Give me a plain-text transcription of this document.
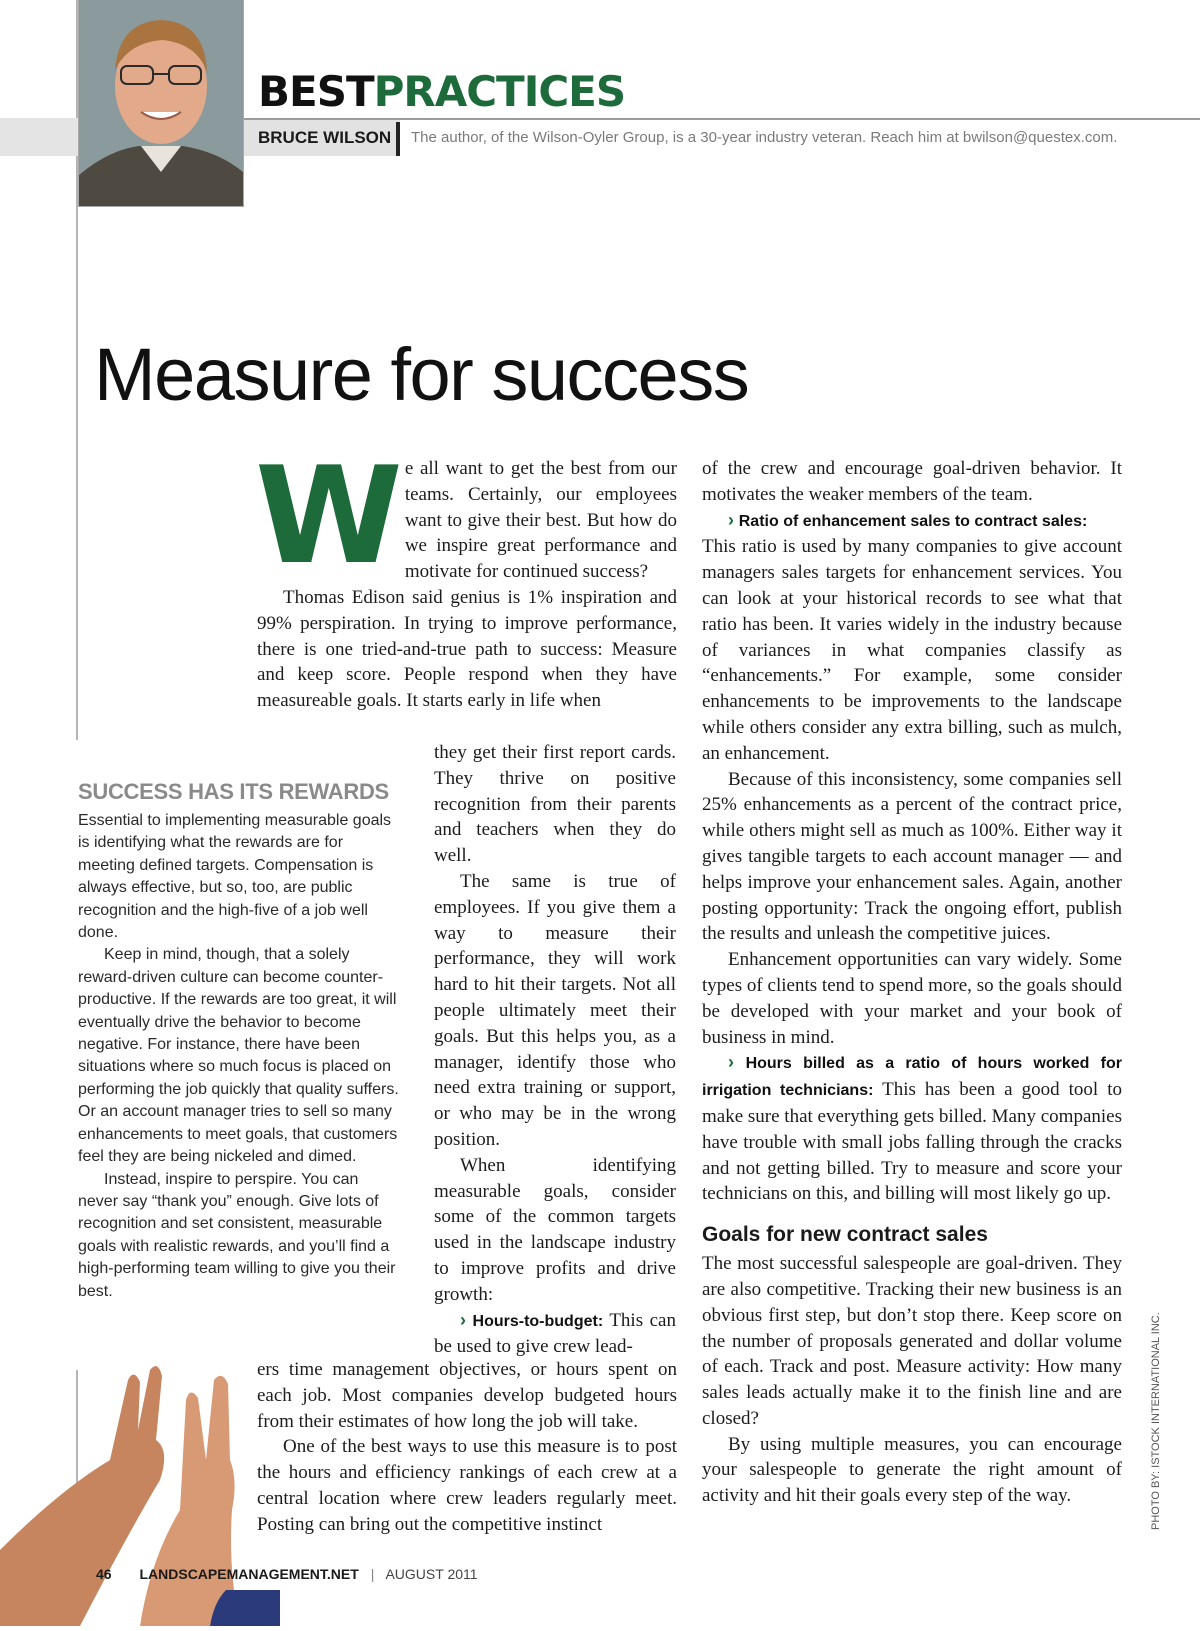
BESTPRACTICES
BRUCE WILSON The author, of the Wilson-Oyler Group, is a 30-year industry veteran. Reach him at bwilson@questex.com.
Measure for success
W e all want to get the best from our teams. Certainly, our employees want to give their best. But how do we inspire great performance and motivate for continued success?

Thomas Edison said genius is 1% inspiration and 99% perspiration. In trying to improve performance, there is one tried-and-true path to success: Measure and keep score. People respond when they have measureable goals. It starts early in life when

they get their first report cards. They thrive on positive recognition from their parents and teachers when they do well.

The same is true of employees. If you give them a way to measure their performance, they will work hard to hit their targets. Not all people ultimately meet their goals. But this helps you, as a manager, identify those who need extra training or support, or who may be in the wrong position.

When identifying measurable goals, consider some of the common targets used in the landscape industry to improve profits and drive growth:

› Hours-to-budget: This can be used to give crew lead-

ers time management objectives, or hours spent on each job. Most companies develop budgeted hours from their estimates of how long the job will take.

One of the best ways to use this measure is to post the hours and efficiency rankings of each crew at a central location where crew leaders regularly meet. Posting can bring out the competitive instinct

of the crew and encourage goal-driven behavior. It motivates the weaker members of the team.

› Ratio of enhancement sales to contract sales:

This ratio is used by many companies to give account managers sales targets for enhancement services. You can look at your historical records to see what that ratio has been. It varies widely in the industry because of variances in what companies classify as “enhancements.” For example, some consider enhancements to be improvements to the landscape while others consider any extra billing, such as mulch, an enhancement.

Because of this inconsistency, some companies sell 25% enhancements as a percent of the contract price, while others might sell as much as 100%. Either way it gives tangible targets to each account manager — and helps improve your enhancement sales. Again, another posting opportunity: Track the ongoing effort, publish the results and unleash the competitive juices.

Enhancement opportunities can vary widely. Some types of clients tend to spend more, so the goals should be developed with your market and your book of business in mind.

› Hours billed as a ratio of hours worked for irrigation technicians: This has been a good tool to make sure that everything gets billed. Many companies have trouble with small jobs falling through the cracks and not getting billed. Try to measure and score your technicians on this, and billing will most likely go up.

Goals for new contract sales

The most successful salespeople are goal-driven. They are also competitive. Tracking their new business is an obvious first step, but don’t stop there. Keep score on the number of proposals generated and dollar volume of each. Track and post. Measure activity: How many sales leads actually make it to the finish line and are closed?

By using multiple measures, you can encourage your salespeople to generate the right amount of activity and hit their goals every step of the way.

SUCCESS HAS ITS REWARDS

Essential to implementing measurable goals is identifying what the rewards are for meeting defined targets. Compensation is always effective, but so, too, are public recognition and the high-five of a job well done.

Keep in mind, though, that a solely reward-driven culture can become counter-productive. If the rewards are too great, it will eventually drive the behavior to become negative. For instance, there have been situations where so much focus is placed on performing the job quickly that quality suffers. Or an account manager tries to sell so many enhancements to meet goals, that customers feel they are being nickeled and dimed.

Instead, inspire to perspire. You can never say “thank you” enough. Give lots of recognition and set consistent, measurable goals with realistic rewards, and you’ll find a high-performing team willing to give you their best.

46 LANDSCAPEMANAGEMENT.NET | AUGUST 2011
PHOTO BY: ISTOCK INTERNATIONAL INC.
